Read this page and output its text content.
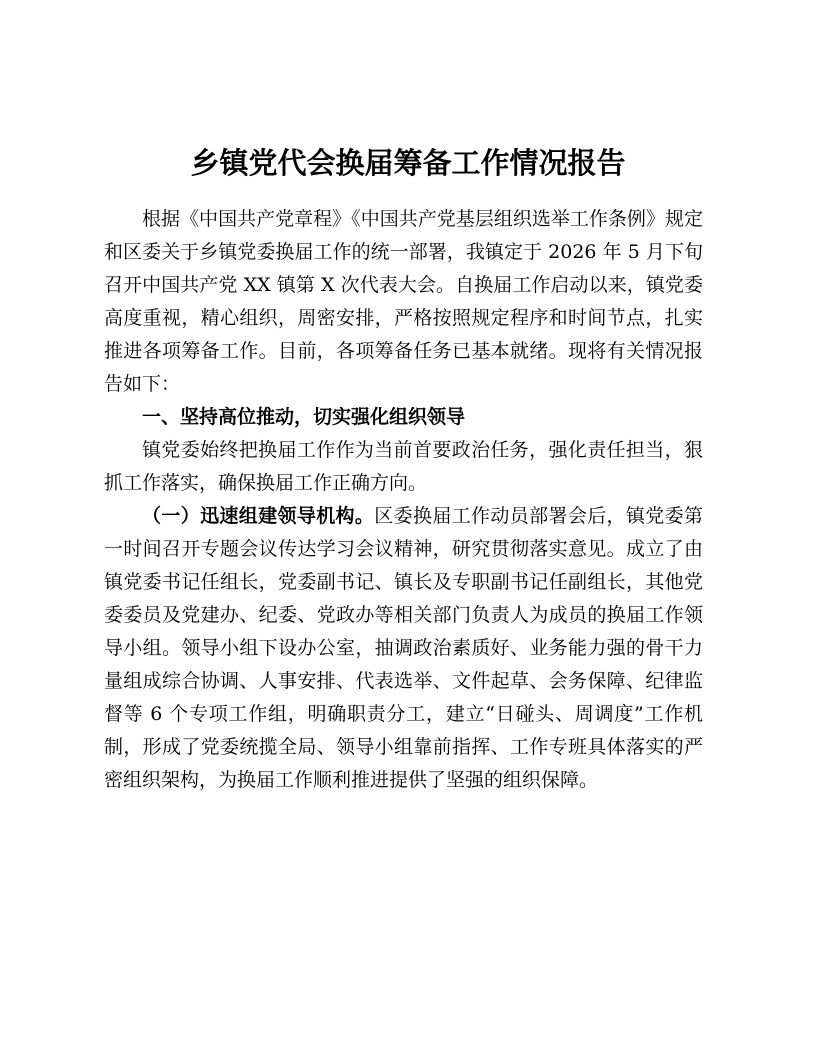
乡镇党代会换届筹备工作情况报告

根据《中国共产党章程》《中国共产党基层组织选举工作条例》规定和区委关于乡镇党委换届工作的统一部署，我镇定于 2026 年 5 月下旬召开中国共产党 XX 镇第 X 次代表大会。自换届工作启动以来，镇党委高度重视，精心组织，周密安排，严格按照规定程序和时间节点，扎实推进各项筹备工作。目前，各项筹备任务已基本就绪。现将有关情况报告如下：

一、坚持高位推动，切实强化组织领导

镇党委始终把换届工作作为当前首要政治任务，强化责任担当，狠抓工作落实，确保换届工作正确方向。

（一）迅速组建领导机构。区委换届工作动员部署会后，镇党委第一时间召开专题会议传达学习会议精神，研究贯彻落实意见。成立了由镇党委书记任组长，党委副书记、镇长及专职副书记任副组长，其他党委委员及党建办、纪委、党政办等相关部门负责人为成员的换届工作领导小组。领导小组下设办公室，抽调政治素质好、业务能力强的骨干力量组成综合协调、人事安排、代表选举、文件起草、会务保障、纪律监督等 6 个专项工作组，明确职责分工，建立“日碰头、周调度”工作机制，形成了党委统揽全局、领导小组靠前指挥、工作专班具体落实的严密组织架构，为换届工作顺利推进提供了坚强的组织保障。
